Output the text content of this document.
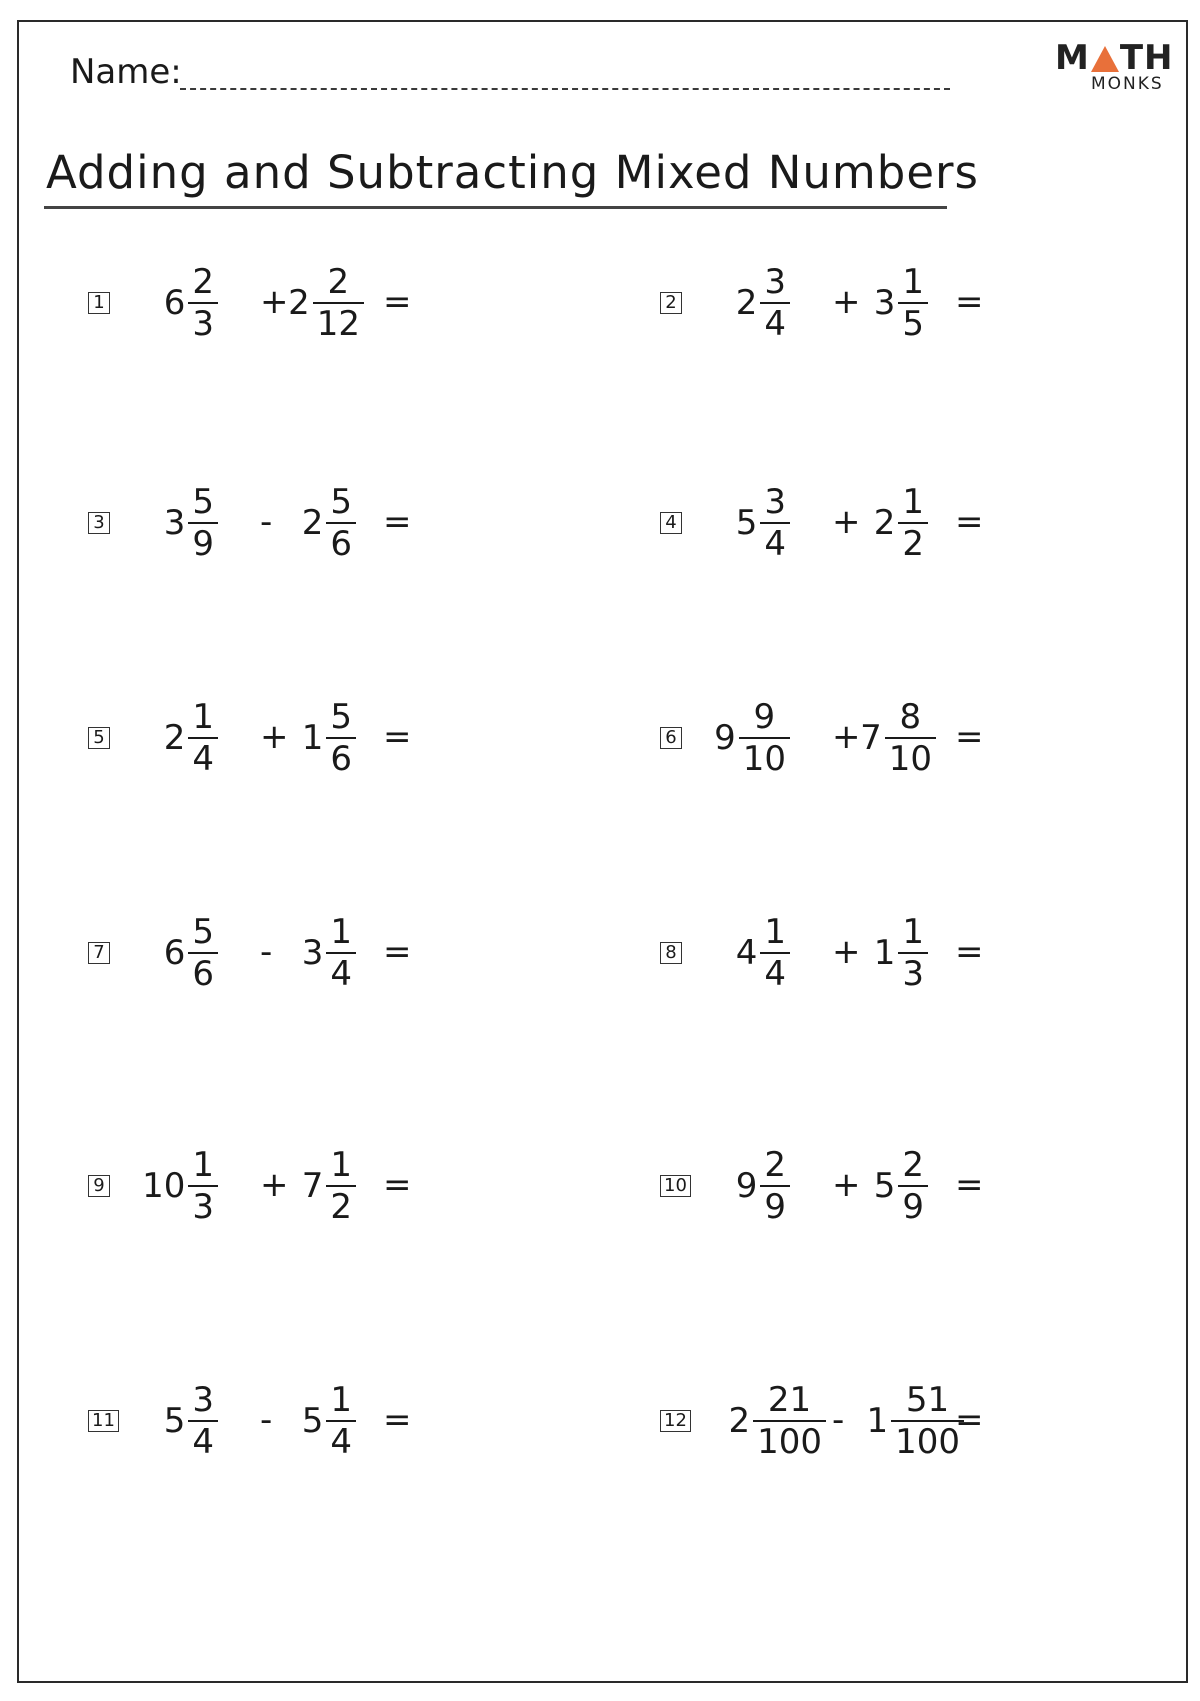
Name:	M TH
MONKS
Adding and Subtracting Mixed Numbers
1 $6 \frac{2}{3} + 2 \frac{2}{12}$ =	2 $2 \frac{3}{4} + 3 \frac{1}{5}$ =
3 $3 \frac{5}{9} - 2 \frac{5}{6}$ =	4 $5 \frac{3}{4} + 2 \frac{1}{2}$ =
5 $2 \frac{1}{4} + 1 \frac{5}{6}$ =	6 $9 \frac{9}{10} + 7 \frac{8}{10}$ =
7 $6 \frac{5}{6} - 3 \frac{1}{4}$ =	8 $4 \frac{1}{4} + 1 \frac{1}{3}$ =
9 $10 \frac{1}{3} + 7 \frac{1}{2}$ =	10 $9 \frac{2}{9} + 5 \frac{2}{9}$ =
11 $5 \frac{3}{4} - 5 \frac{1}{4}$ =	12 $2 \frac{21}{100} - 1 \frac{51}{100}$
=
